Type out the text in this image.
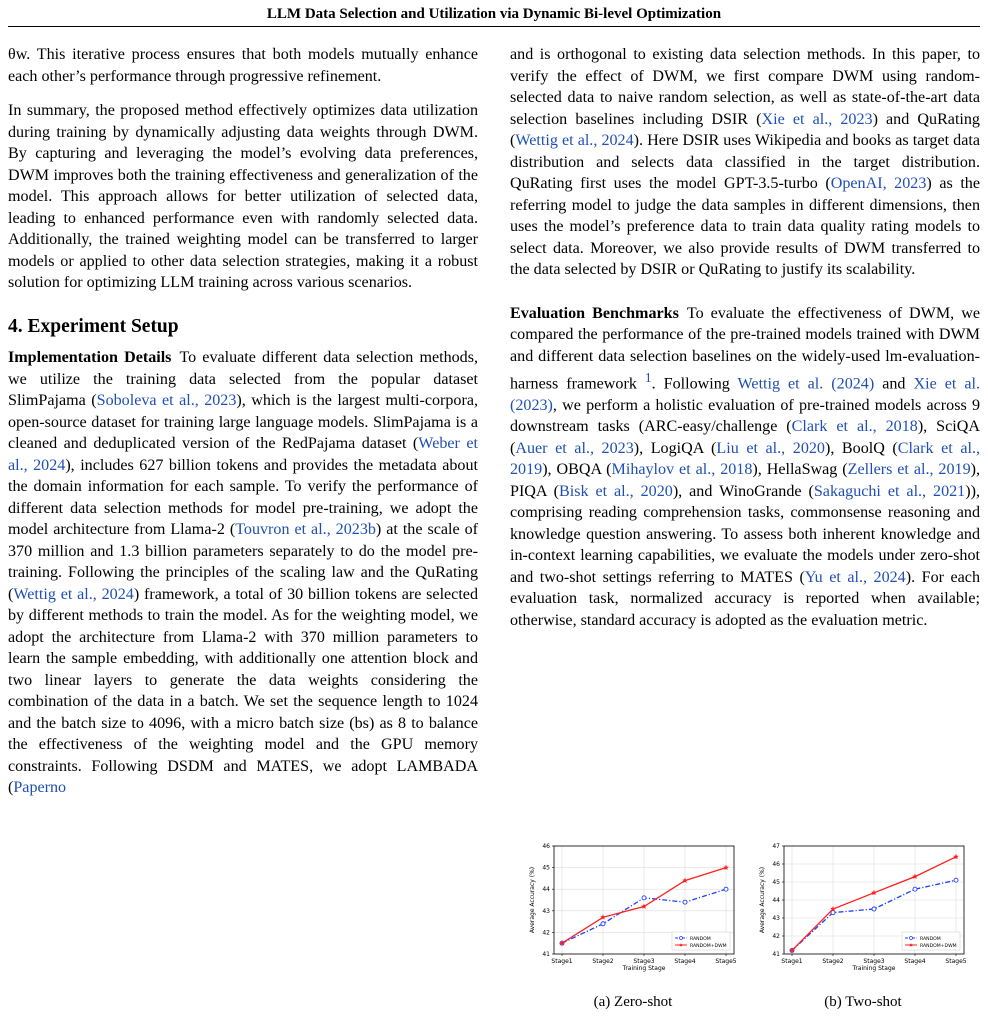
LLM Data Selection and Utilization via Dynamic Bi-level Optimization

θw. This iterative process ensures that both models mutually enhance each other’s performance through progressive refinement.

In summary, the proposed method effectively optimizes data utilization during training by dynamically adjusting data weights through DWM. By capturing and leveraging the model’s evolving data preferences, DWM improves both the training effectiveness and generalization of the model. This approach allows for better utilization of selected data, leading to enhanced performance even with randomly selected data. Additionally, the trained weighting model can be transferred to larger models or applied to other data selection strategies, making it a robust solution for optimizing LLM training across various scenarios.

4. Experiment Setup

Implementation Details To evaluate different data selection methods, we utilize the training data selected from the popular dataset SlimPajama (Soboleva et al., 2023), which is the largest multi-corpora, open-source dataset for training large language models. SlimPajama is a cleaned and deduplicated version of the RedPajama dataset (Weber et al., 2024), includes 627 billion tokens and provides the metadata about the domain information for each sample. To verify the performance of different data selection methods for model pre-training, we adopt the model architecture from Llama-2 (Touvron et al., 2023b) at the scale of 370 million and 1.3 billion parameters separately to do the model pre-training. Following the principles of the scaling law and the QuRating (Wettig et al., 2024) framework, a total of 30 billion tokens are selected by different methods to train the model. As for the weighting model, we adopt the architecture from Llama-2 with 370 million parameters to learn the sample embedding, with additionally one attention block and two linear layers to generate the data weights considering the combination of the data in a batch. We set the sequence length to 1024 and the batch size to 4096, with a micro batch size (bs) as 8 to balance the effectiveness of the weighting model and the GPU memory constraints. Following DSDM and MATES, we adopt LAMBADA (Paperno

and is orthogonal to existing data selection methods. In this paper, to verify the effect of DWM, we first compare DWM using random-selected data to naive random selection, as well as state-of-the-art data selection baselines including DSIR (Xie et al., 2023) and QuRating (Wettig et al., 2024). Here DSIR uses Wikipedia and books as target data distribution and selects data classified in the target distribution. QuRating first uses the model GPT-3.5-turbo (OpenAI, 2023) as the referring model to judge the data samples in different dimensions, then uses the model’s preference data to train data quality rating models to select data. Moreover, we also provide results of DWM transferred to the data selected by DSIR or QuRating to justify its scalability.

Evaluation Benchmarks To evaluate the effectiveness of DWM, we compared the performance of the pre-trained models trained with DWM and different data selection baselines on the widely-used lm-evaluation-harness framework $^1$. Following Wettig et al. (2024) and Xie et al. (2023), we perform a holistic evaluation of pre-trained models across 9 downstream tasks (ARC-easy/challenge (Clark et al., 2018), SciQA (Auer et al., 2023), LogiQA (Liu et al., 2020), BoolQ (Clark et al., 2019), OBQA (Mihaylov et al., 2018), HellaSwag (Zellers et al., 2019), PIQA (Bisk et al., 2020), and WinoGrande (Sakaguchi et al., 2021)), comprising reading comprehension tasks, commonsense reasoning and knowledge question answering. To assess both inherent knowledge and in-context learning capabilities, we evaluate the models under zero-shot and two-shot settings referring to MATES (Yu et al., 2024). For each evaluation task, normalized accuracy is reported when available; otherwise, standard accuracy is adopted as the evaluation metric.

41
42
43
44
45
46
Stage1	Stage2	Stage3	Stage4	Stage5
Training Stage
Average Accuracy (%)
RANDOM
RANDOM+DWM
(a) Zero-shot
41
42
43
44
45
46
47
Stage1	Stage2	Stage3	Stage4	Stage5
Training Stage
Average Accuracy (%)
RANDOM
RANDOM+DWM
(b) Two-shot
